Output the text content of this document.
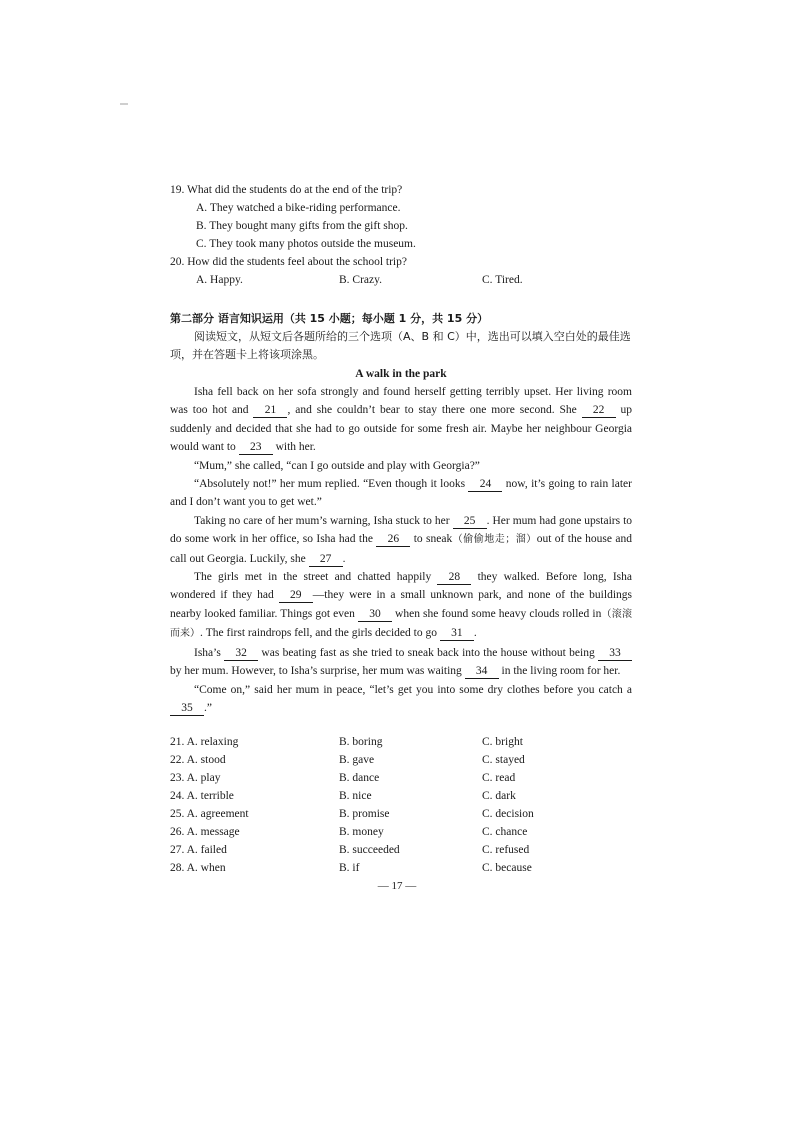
19. What did the students do at the end of the trip?
A. They watched a bike-riding performance.
B. They bought many gifts from the gift shop.
C. They took many photos outside the museum.
20. How did the students feel about the school trip?
A. Happy.	B. Crazy.	C. Tired.
第二部分 语言知识运用（共 15 小题；每小题 1 分，共 15 分）
阅读短文，从短文后各题所给的三个选项（A、B 和 C）中，选出可以填入空白处的最佳选项，并在答题卡上将该项涂黑。
A walk in the park

Isha fell back on her sofa strongly and found herself getting terribly upset. Her living room was too hot and 21 , and she couldn’t bear to stay there one more second. She 22 up suddenly and decided that she had to go outside for some fresh air. Maybe her neighbour Georgia would want to 23 with her.

“Mum,” she called, “can I go outside and play with Georgia?”

“Absolutely not!” her mum replied. “Even though it looks 24 now, it’s going to rain later and I don’t want you to get wet.”

Taking no care of her mum’s warning, Isha stuck to her 25 . Her mum had gone upstairs to do some work in her office, so Isha had the 26 to sneak（偷偷地走；溜）out of the house and call out Georgia. Luckily, she 27 .

The girls met in the street and chatted happily 28 they walked. Before long, Isha wondered if they had 29 —they were in a small unknown park, and none of the buildings nearby looked familiar. Things got even 30 when she found some heavy clouds rolled in（滚滚而来）. The first raindrops fell, and the girls decided to go 31 .

Isha’s 32 was beating fast as she tried to sneak back into the house without being 33 by her mum. However, to Isha’s surprise, her mum was waiting 34 in the living room for her.

“Come on,” said her mum in peace, “let’s get you into some dry clothes before you catch a 35 .”

21. A. relaxing	B. boring	C. bright
22. A. stood	B. gave	C. stayed
23. A. play	B. dance	C. read
24. A. terrible	B. nice	C. dark
25. A. agreement	B. promise	C. decision
26. A. message	B. money	C. chance
27. A. failed	B. succeeded	C. refused
28. A. when	B. if	C. because
— 17 —
